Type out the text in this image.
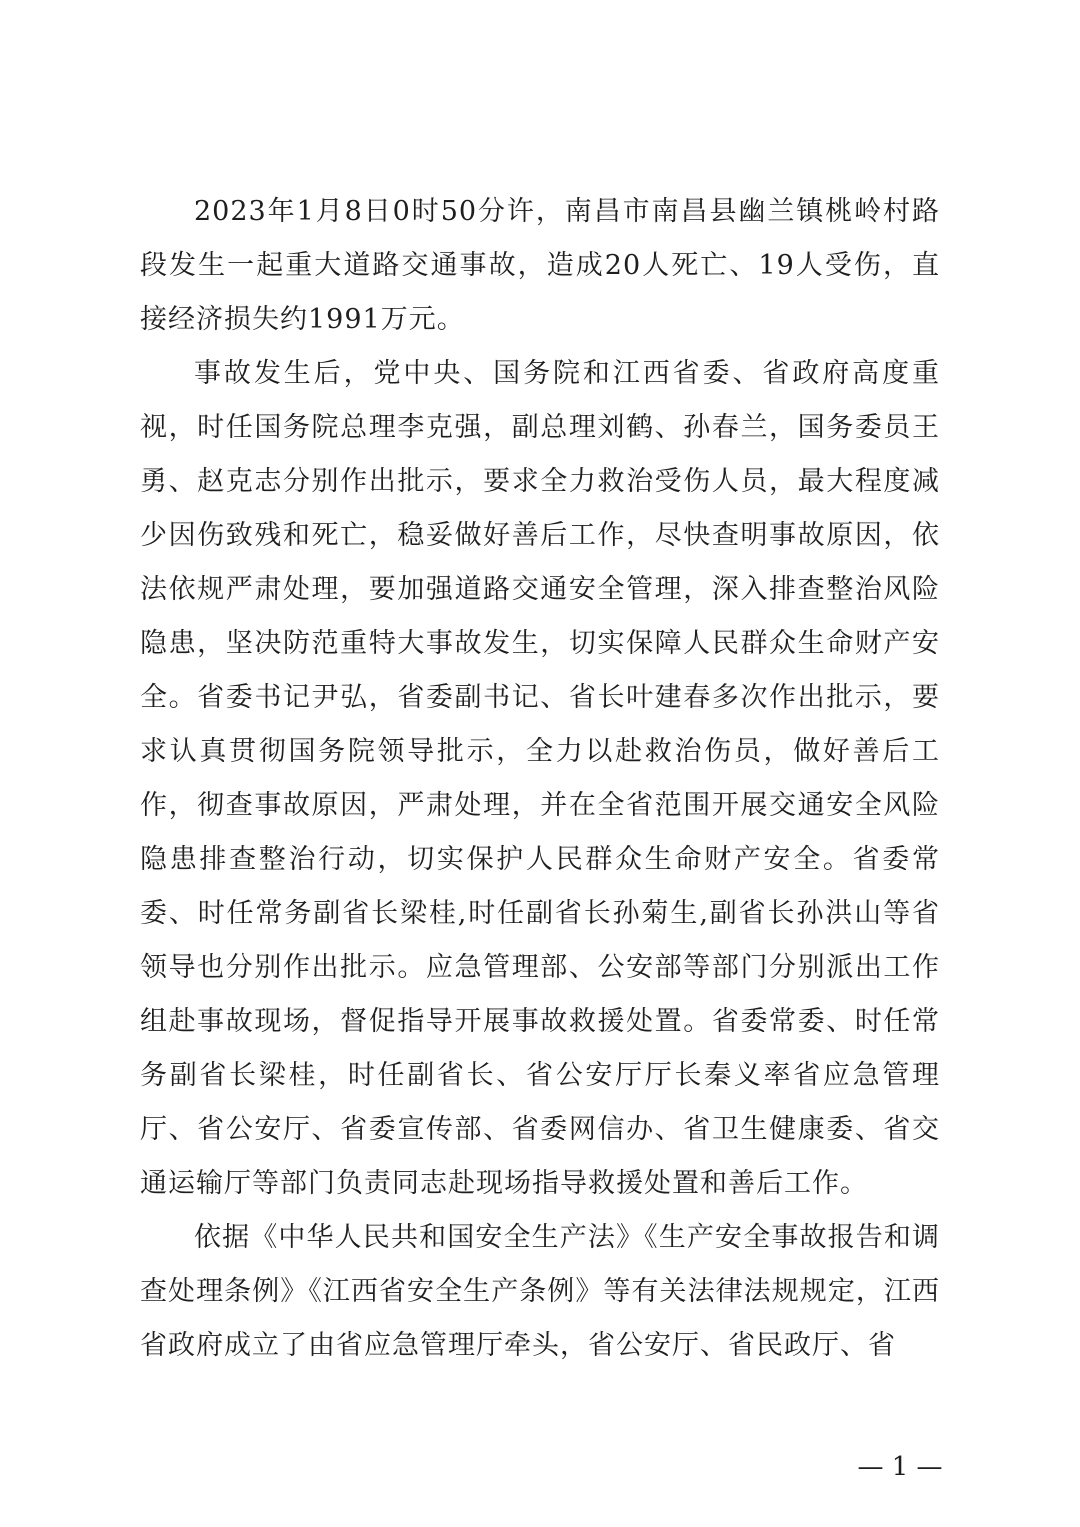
2023年1月8日0时50分许，南昌市南昌县幽兰镇桃岭村路段发生一起重大道路交通事故，造成20人死亡、19人受伤，直接经济损失约1991万元。

事故发生后，党中央、国务院和江西省委、省政府高度重视，时任国务院总理李克强，副总理刘鹤、孙春兰，国务委员王勇、赵克志分别作出批示，要求全力救治受伤人员，最大程度减少因伤致残和死亡，稳妥做好善后工作，尽快查明事故原因，依法依规严肃处理，要加强道路交通安全管理，深入排查整治风险隐患，坚决防范重特大事故发生，切实保障人民群众生命财产安全。省委书记尹弘，省委副书记、省长叶建春多次作出批示，要求认真贯彻国务院领导批示，全力以赴救治伤员，做好善后工作，彻查事故原因，严肃处理，并在全省范围开展交通安全风险隐患排查整治行动，切实保护人民群众生命财产安全。省委常委、时任常务副省长梁桂,时任副省长孙菊生,副省长孙洪山等省领导也分别作出批示。应急管理部、公安部等部门分别派出工作组赴事故现场，督促指导开展事故救援处置。省委常委、时任常务副省长梁桂，时任副省长、省公安厅厅长秦义率省应急管理厅、省公安厅、省委宣传部、省委网信办、省卫生健康委、省交通运输厅等部门负责同志赴现场指导救援处置和善后工作。

依据《中华人民共和国安全生产法》《生产安全事故报告和调查处理条例》《江西省安全生产条例》等有关法律法规规定，江西省政府成立了由省应急管理厅牵头，省公安厅、省民政厅、省

— 1 —
